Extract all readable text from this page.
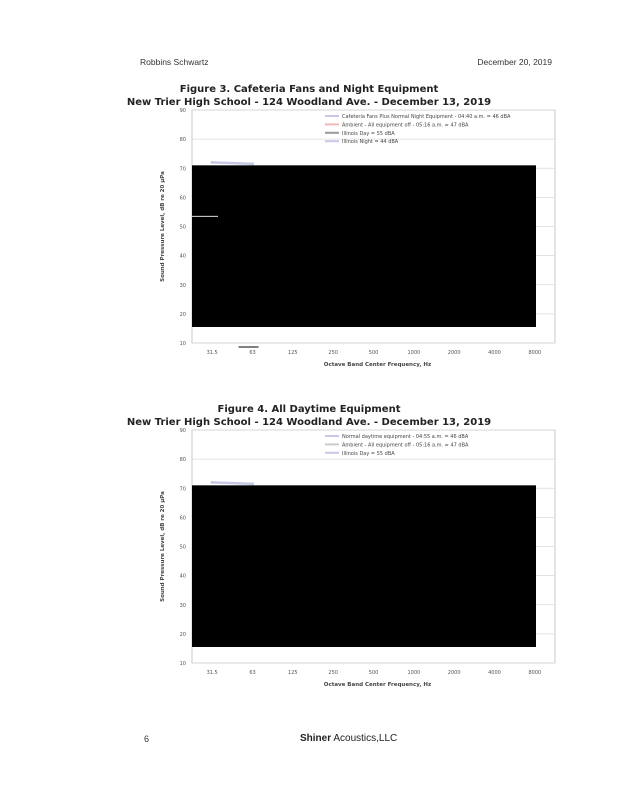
Robbins Schwartz	December 20, 2019
Figure 3. Cafeteria Fans and Night Equipment
New Trier High School - 124 Woodland Ave. - December 13, 2019
10
20
30
40
50
60
70
80
90
31.5	63	125	250	500	1000	2000	4000	8000
Octave Band Center Frequency, Hz
Sound Pressure Level, dB re 20 µPa
Cafeteria Fans Plus Normal Night Equipment - 04:40 a.m. = 46 dBA
Ambient - All equipment off - 05:16 a.m. = 47 dBA
Illinois Day = 55 dBA
Illinois Night = 44 dBA
Figure 4. All Daytime Equipment
New Trier High School - 124 Woodland Ave. - December 13, 2019
10
20
30
40
50
60
70
80
90
31.5	63	125	250	500	1000	2000	4000	8000
Octave Band Center Frequency, Hz
Sound Pressure Level, dB re 20 µPa
Normal daytime equipment - 04:55 a.m. = 46 dBA
Ambient - All equipment off - 05:16 a.m. = 47 dBA
Illinois Day = 55 dBA
6	Shiner Acoustics,LLC
